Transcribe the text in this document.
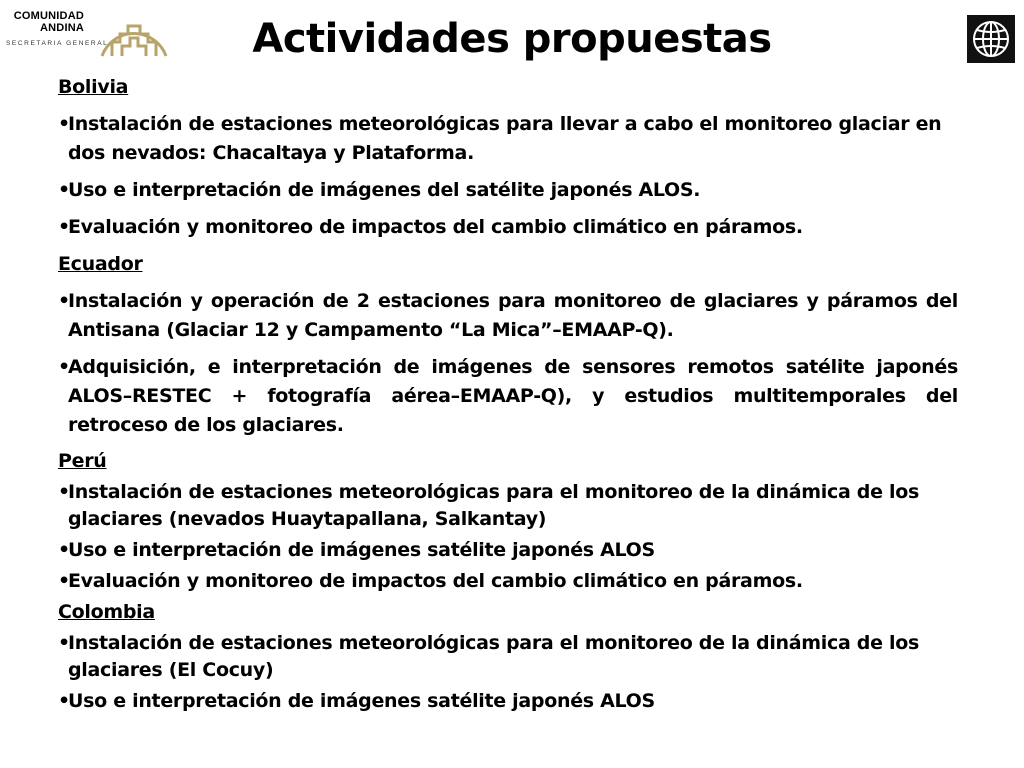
COMUNIDAD
ANDINA
SECRETARIA GENERAL	Actividades propuestas
Bolivia
• Instalación de estaciones meteorológicas para llevar a cabo el monitoreo glaciar en dos nevados: Chacaltaya y Plataforma.
• Uso e interpretación de imágenes del satélite japonés ALOS.
• Evaluación y monitoreo de impactos del cambio climático en páramos.
Ecuador
• Instalación y operación de 2 estaciones para monitoreo de glaciares y páramos del Antisana (Glaciar 12 y Campamento “La Mica”–EMAAP-Q).
• Adquisición, e interpretación de imágenes de sensores remotos satélite japonés ALOS–RESTEC + fotografía aérea–EMAAP-Q), y estudios multitemporales del retroceso de los glaciares.
Perú
• Instalación de estaciones meteorológicas para el monitoreo de la dinámica de los glaciares (nevados Huaytapallana, Salkantay)
• Uso e interpretación de imágenes satélite japonés ALOS
• Evaluación y monitoreo de impactos del cambio climático en páramos.
Colombia
• Instalación de estaciones meteorológicas para el monitoreo de la dinámica de los glaciares (El Cocuy)
• Uso e interpretación de imágenes satélite japonés ALOS
